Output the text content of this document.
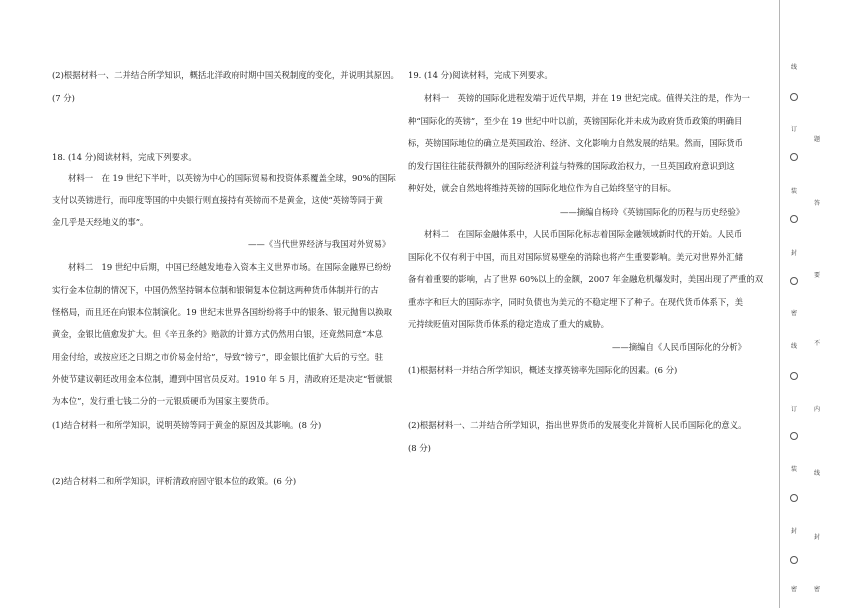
(2)根据材料一、二并结合所学知识，概括北洋政府时期中国关税制度的变化，并说明其原因。
(7 分)
18. (14 分)阅读材料，完成下列要求。
材料一　在 19 世纪下半叶，以英镑为中心的国际贸易和投资体系覆盖全球，90%的国际
支付以英镑进行，而印度等国的中央银行则直接持有英镑而不是黄金，这使“英镑等同于黄
金几乎是天经地义的事”。
——《当代世界经济与我国对外贸易》
材料二　19 世纪中后期，中国已经越发地卷入资本主义世界市场。在国际金融界已纷纷
实行金本位制的情况下，中国仍然坚持铜本位制和银铜复本位制这两种货币体制并行的古
怪格局，而且还在向银本位制演化。19 世纪末世界各国纷纷将手中的银条、银元抛售以换取
黄金，金银比值愈发扩大。但《辛丑条约》赔款的计算方式仍然用白银，还竟然同意“本息
用金付给，或按应还之日期之市价易金付给”，导致“镑亏”，即金银比值扩大后的亏空。驻
外使节建议朝廷改用金本位制，遭到中国官员反对。1910 年 5 月，清政府还是决定“暂就银
为本位”，发行重七钱二分的一元银质硬币为国家主要货币。
(1)结合材料一和所学知识，说明英镑等同于黄金的原因及其影响。(8 分)
(2)结合材料二和所学知识，评析清政府固守银本位的政策。(6 分)
19. (14 分)阅读材料，完成下列要求。
材料一　英镑的国际化进程发端于近代早期，并在 19 世纪完成。值得关注的是，作为一
种“国际化的英镑”，至少在 19 世纪中叶以前，英镑国际化并未成为政府货币政策的明确目
标，英镑国际地位的确立是英国政治、经济、文化影响力自然发展的结果。然而，国际货币
的发行国往往能获得额外的国际经济利益与特殊的国际政治权力，一旦英国政府意识到这
种好处，就会自然地将维持英镑的国际化地位作为自己始终坚守的目标。
——摘编自杨玲《英镑国际化的历程与历史经验》
材料二　在国际金融体系中，人民币国际化标志着国际金融领域新时代的开始。人民币
国际化不仅有利于中国，而且对国际贸易壁垒的消除也将产生重要影响。美元对世界外汇储
备有着重要的影响，占了世界 60%以上的金额，2007 年金融危机爆发时，美国出现了严重的双
重赤字和巨大的国际赤字，同时负债也为美元的不稳定埋下了种子。在现代货币体系下，美
元持续贬值对国际货币体系的稳定造成了重大的威胁。
——摘编自《人民币国际化的分析》
(1)根据材料一并结合所学知识，概述支撑英镑率先国际化的因素。(6 分)
(2)根据材料一、二并结合所学知识，指出世界货币的发展变化并简析人民币国际化的意义。
(8 分)
线
订
装
封
密
线
订
装
封
密
题
答
要
不
内
线
封
密
